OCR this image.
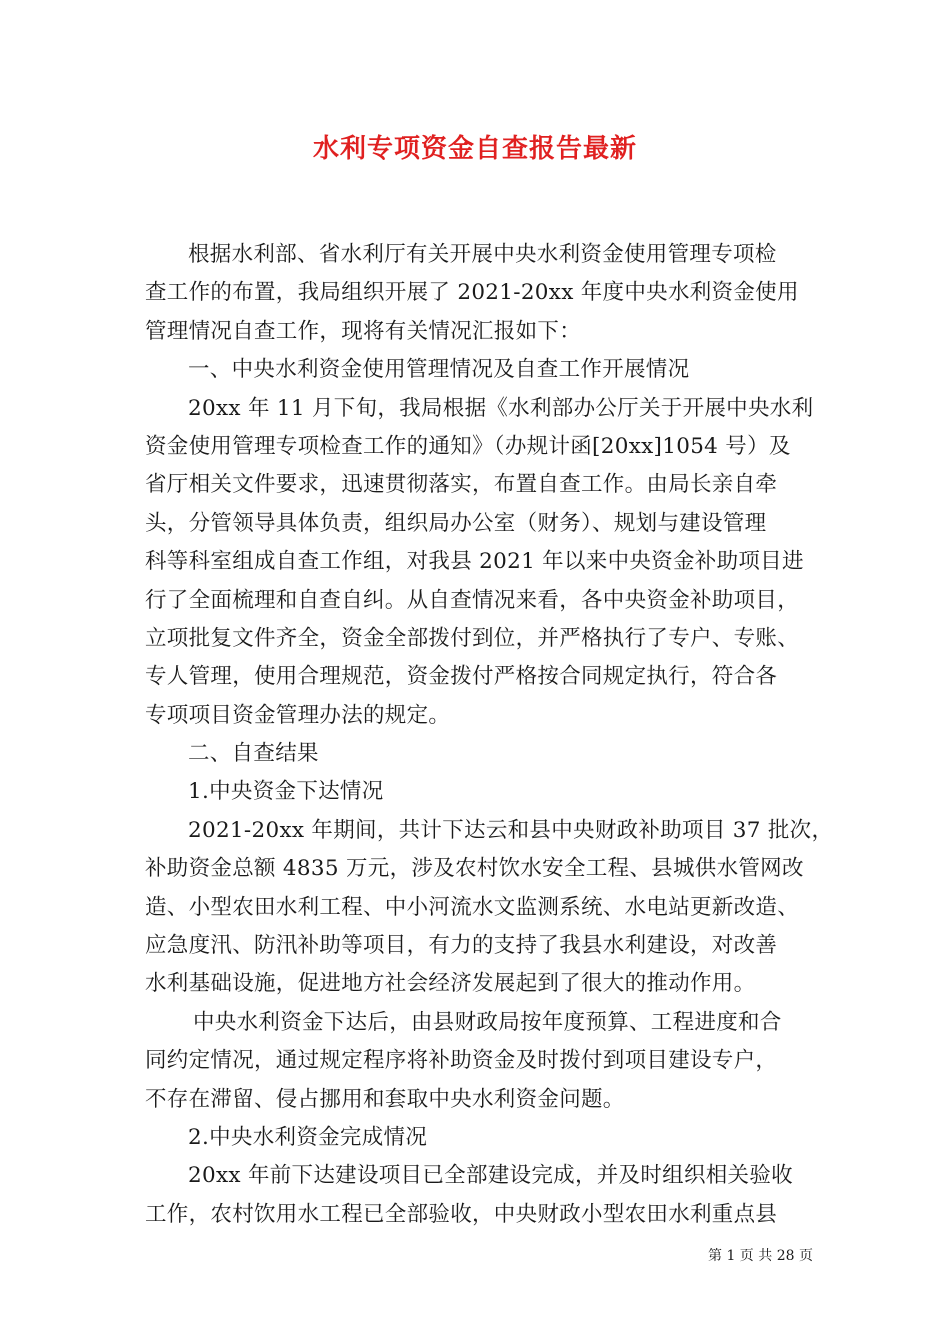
水利专项资金自查报告最新
根据水利部、省水利厅有关开展中央水利资金使用管理专项检
查工作的布置，我局组织开展了 2021-20xx 年度中央水利资金使用
管理情况自查工作，现将有关情况汇报如下：
一、中央水利资金使用管理情况及自查工作开展情况
20xx 年 11 月下旬，我局根据《水利部办公厅关于开展中央水利
资金使用管理专项检查工作的通知》（办规计函[20xx]1054 号）及
省厅相关文件要求，迅速贯彻落实，布置自查工作。由局长亲自牵
头，分管领导具体负责，组织局办公室（财务）、规划与建设管理
科等科室组成自查工作组，对我县 2021 年以来中央资金补助项目进
行了全面梳理和自查自纠。从自查情况来看，各中央资金补助项目，
立项批复文件齐全，资金全部拨付到位，并严格执行了专户、专账、
专人管理，使用合理规范，资金拨付严格按合同规定执行，符合各
专项项目资金管理办法的规定。
二、自查结果
1.中央资金下达情况
2021-20xx 年期间，共计下达云和县中央财政补助项目 37 批次，
补助资金总额 4835 万元，涉及农村饮水安全工程、县城供水管网改
造、小型农田水利工程、中小河流水文监测系统、水电站更新改造、
应急度汛、防汛补助等项目，有力的支持了我县水利建设，对改善
水利基础设施，促进地方社会经济发展起到了很大的推动作用。
中央水利资金下达后，由县财政局按年度预算、工程进度和合
同约定情况，通过规定程序将补助资金及时拨付到项目建设专户，
不存在滞留、侵占挪用和套取中央水利资金问题。
2.中央水利资金完成情况
20xx 年前下达建设项目已全部建设完成，并及时组织相关验收
工作，农村饮用水工程已全部验收，中央财政小型农田水利重点县
第 1 页 共 28 页
